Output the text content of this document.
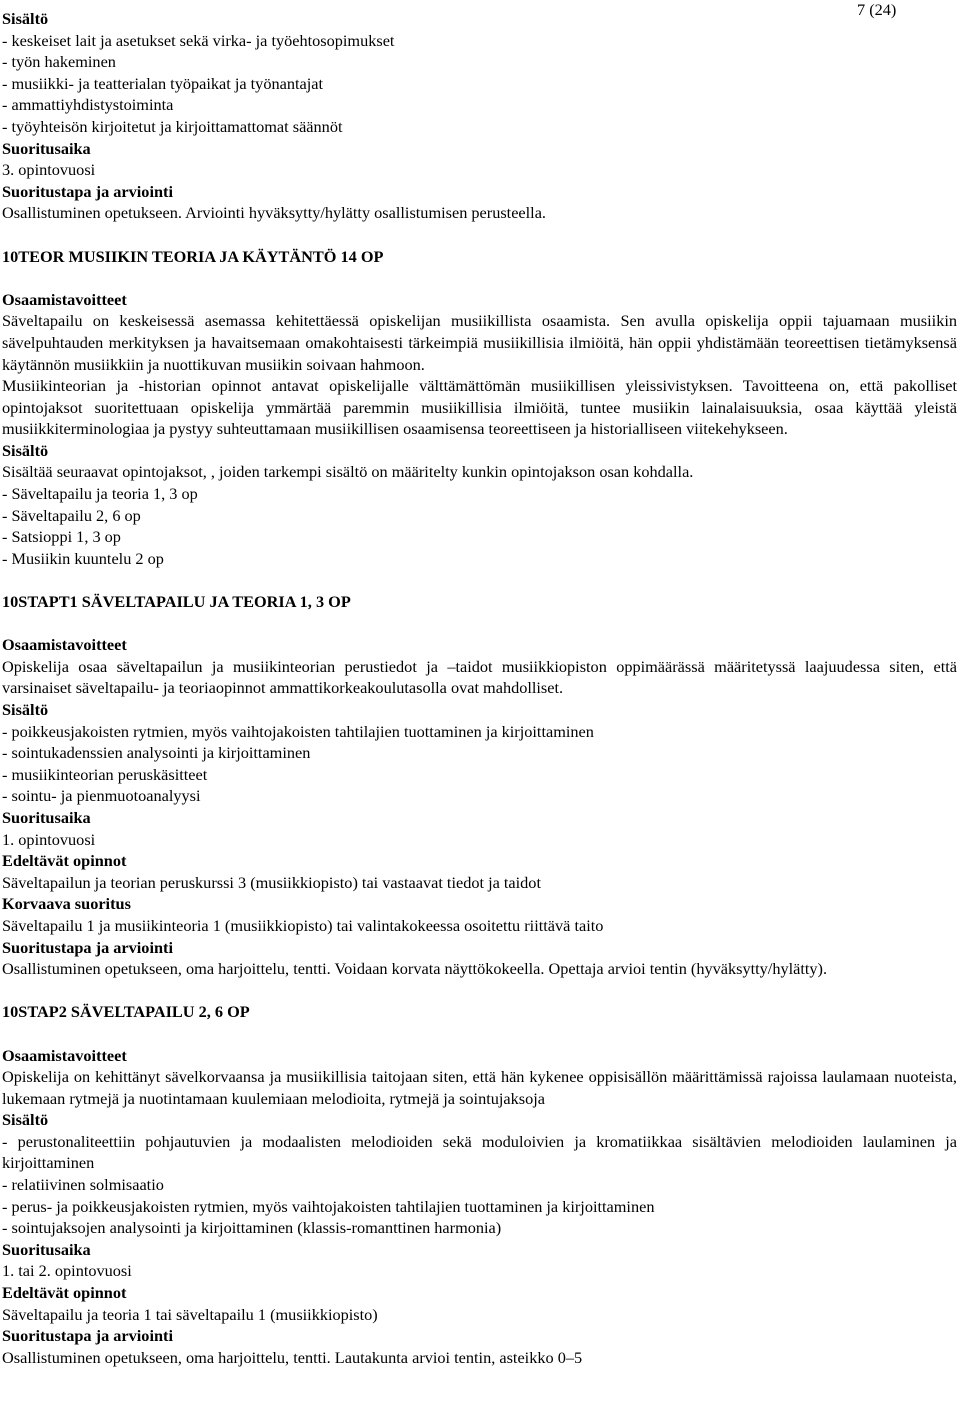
7 (24)
Sisältö
- keskeiset lait ja asetukset sekä virka- ja työehtosopimukset
- työn hakeminen
- musiikki- ja teatterialan työpaikat ja työnantajat
- ammattiyhdistystoiminta
- työyhteisön kirjoitetut ja kirjoittamattomat säännöt
Suoritusaika
3. opintovuosi
Suoritustapa ja arviointi
Osallistuminen opetukseen. Arviointi hyväksytty/hylätty osallistumisen perusteella.
10TEOR MUSIIKIN TEORIA JA KÄYTÄNTÖ 14 OP
Osaamistavoitteet
Säveltapailu on keskeisessä asemassa kehitettäessä opiskelijan musiikillista osaamista. Sen avulla opiskelija oppii tajuamaan musiikin sävelpuhtauden merkityksen ja havaitsemaan omakohtaisesti tärkeimpiä musiikillisia ilmiöitä, hän oppii yhdistämään teoreettisen tietämyksensä käytännön musiikkiin ja nuottikuvan musiikin soivaan hahmoon.
Musiikinteorian ja -historian opinnot antavat opiskelijalle välttämättömän musiikillisen yleissivistyksen. Tavoitteena on, että pakolliset opintojaksot suoritettuaan opiskelija ymmärtää paremmin musiikillisia ilmiöitä, tuntee musiikin lainalaisuuksia, osaa käyttää yleistä musiikkiterminologiaa ja pystyy suhteuttamaan musiikillisen osaamisensa teoreettiseen ja historialliseen viitekehykseen.
Sisältö
Sisältää seuraavat opintojaksot, , joiden tarkempi sisältö on määritelty kunkin opintojakson osan kohdalla.
- Säveltapailu ja teoria 1, 3 op
- Säveltapailu 2, 6 op
- Satsioppi 1, 3 op
- Musiikin kuuntelu 2 op
10STAPT1 SÄVELTAPAILU JA TEORIA 1, 3 OP
Osaamistavoitteet
Opiskelija osaa säveltapailun ja musiikinteorian perustiedot ja –taidot musiikkiopiston oppimäärässä määritetyssä laajuudessa siten, että varsinaiset säveltapailu- ja teoriaopinnot ammattikorkeakoulutasolla ovat mahdolliset.
Sisältö
- poikkeusjakoisten rytmien, myös vaihtojakoisten tahtilajien tuottaminen ja kirjoittaminen
- sointukadenssien analysointi ja kirjoittaminen
- musiikinteorian peruskäsitteet
- sointu- ja pienmuotoanalyysi
Suoritusaika
1. opintovuosi
Edeltävät opinnot
Säveltapailun ja teorian peruskurssi 3 (musiikkiopisto) tai vastaavat tiedot ja taidot
Korvaava suoritus
Säveltapailu 1 ja musiikinteoria 1 (musiikkiopisto) tai valintakokeessa osoitettu riittävä taito
Suoritustapa ja arviointi
Osallistuminen opetukseen, oma harjoittelu, tentti. Voidaan korvata näyttökokeella. Opettaja arvioi tentin (hyväksytty/hylätty).
10STAP2 SÄVELTAPAILU 2, 6 OP
Osaamistavoitteet
Opiskelija on kehittänyt sävelkorvaansa ja musiikillisia taitojaan siten, että hän kykenee oppisisällön määrittämissä rajoissa laulamaan nuoteista, lukemaan rytmejä ja nuotintamaan kuulemiaan melodioita, rytmejä ja sointujaksoja
Sisältö
- perustonaliteettiin pohjautuvien ja modaalisten melodioiden sekä moduloivien ja kromatiikkaa sisältävien melodioiden laulaminen ja kirjoittaminen
- relatiivinen solmisaatio
- perus- ja poikkeusjakoisten rytmien, myös vaihtojakoisten tahtilajien tuottaminen ja kirjoittaminen
- sointujaksojen analysointi ja kirjoittaminen (klassis-romanttinen harmonia)
Suoritusaika
1. tai 2. opintovuosi
Edeltävät opinnot
Säveltapailu ja teoria 1 tai säveltapailu 1 (musiikkiopisto)
Suoritustapa ja arviointi
Osallistuminen opetukseen, oma harjoittelu, tentti. Lautakunta arvioi tentin, asteikko 0–5
